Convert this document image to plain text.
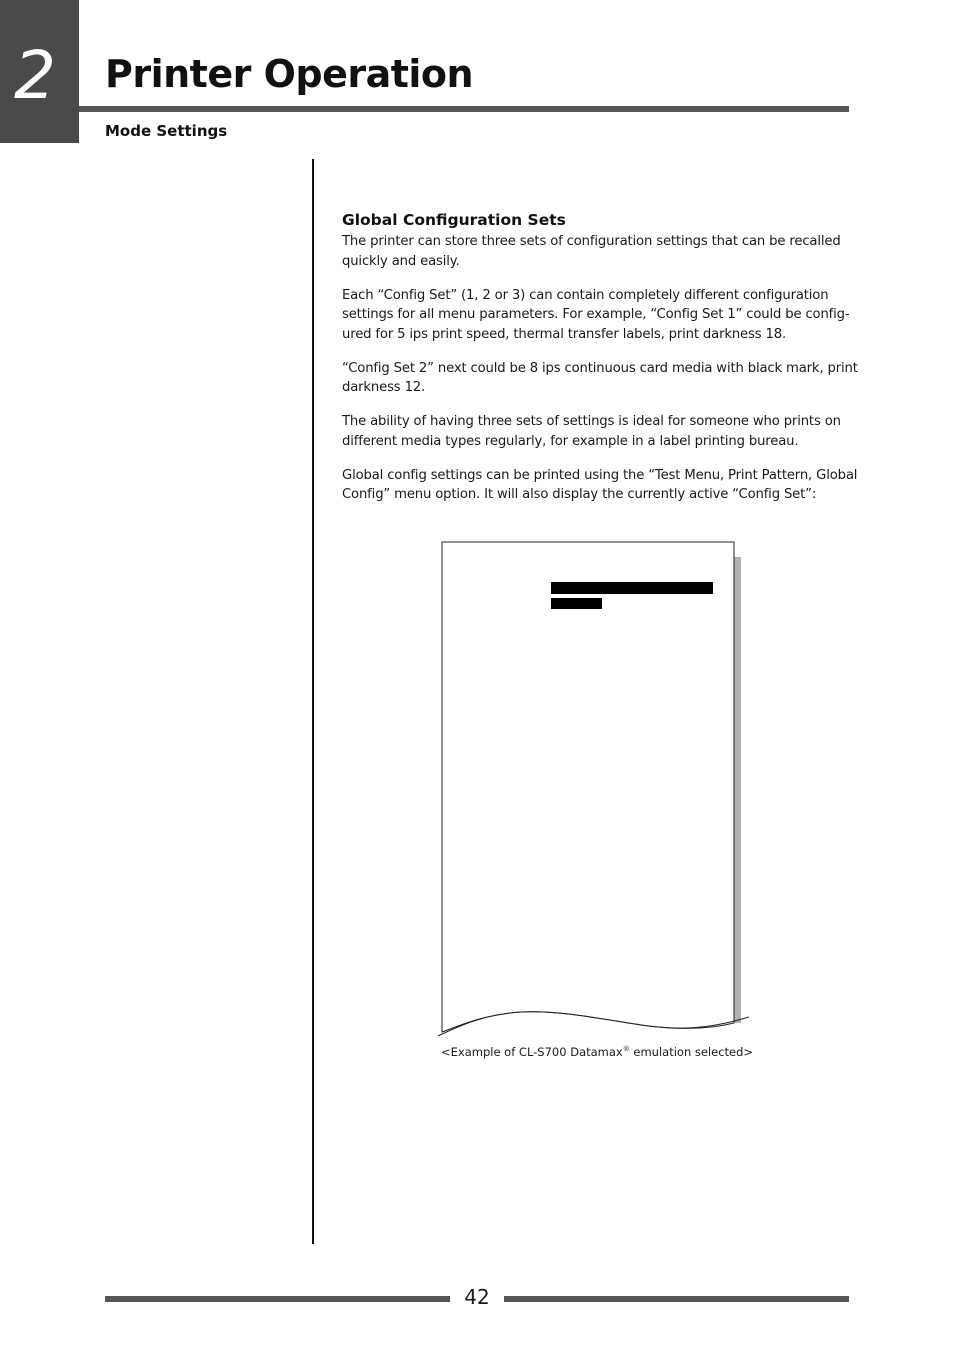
2 Printer Operation
Mode Settings
Global Configuration Sets

The printer can store three sets of configuration settings that can be recalled quickly and easily.

Each “Config Set” (1, 2 or 3) can contain completely different configuration settings for all menu parameters. For example, “Config Set 1” could be config-ured for 5 ips print speed, thermal transfer labels, print darkness 18.

“Config Set 2” next could be 8 ips continuous card media with black mark, print darkness 12.

The ability of having three sets of settings is ideal for someone who prints on different media types regularly, for example in a label printing bureau.

Global config settings can be printed using the “Test Menu, Print Pattern, Global Config” menu option. It will also display the currently active “Config Set”:

<Example of CL-S700 Datamax® emulation selected>
42
